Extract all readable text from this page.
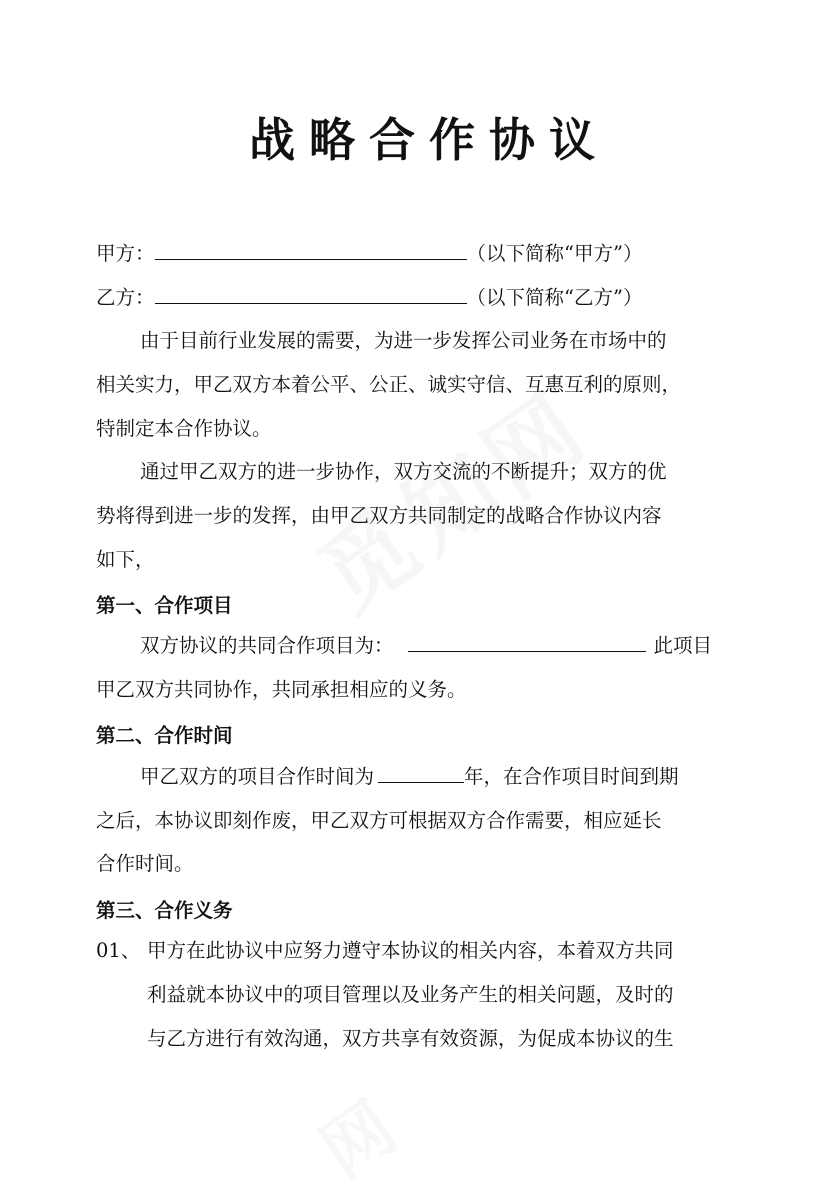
战略合作协议
甲方：	（以下简称“甲方”）
乙方：	（以下简称“乙方”）
由于目前行业发展的需要，为进一步发挥公司业务在市场中的
相关实力，甲乙双方本着公平、公正、诚实守信、互惠互利的原则，
特制定本合作协议。
通过甲乙双方的进一步协作，双方交流的不断提升；双方的优
势将得到进一步的发挥，由甲乙双方共同制定的战略合作协议内容
如下，
第一、合作项目
双方协议的共同合作项目为：	此项目
甲乙双方共同协作，共同承担相应的义务。
第二、合作时间
甲乙双方的项目合作时间为	年，在合作项目时间到期
之后，本协议即刻作废，甲乙双方可根据双方合作需要，相应延长
合作时间。
第三、合作义务
01、 甲方在此协议中应努力遵守本协议的相关内容，本着双方共同
利益就本协议中的项目管理以及业务产生的相关问题，及时的
与乙方进行有效沟通，双方共享有效资源，为促成本协议的生
